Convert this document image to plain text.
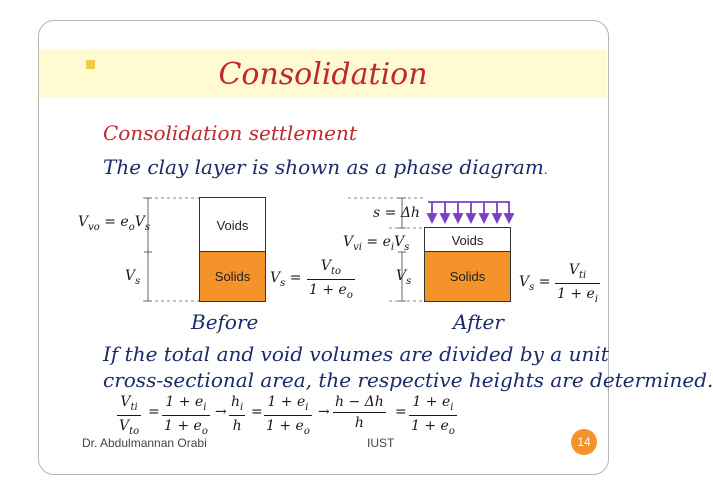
Consolidation
Consolidation settlement
The clay layer is shown as a phase diagram.
Voids
Solids
$V_{vo} = e_oV_s$
$V_s$	$V_s$ =
$V_{to}$
$1 + e_o$
Before
Voids
Solids
s = Δh
$V_{vi} = e_iV_s$
$V_s$	$V_s$ =
$V_{ti}$
$1 + e_i$
After
If the total and void volumes are divided by a unit
cross-sectional area, the respective heights are determined.
$V_{ti}$
$V_{to}$
= $\frac{1 + e_i}{1 + e_o} \to \frac{h_i}{h} = \frac{1 + e_i}{1 + e_o} \to \frac{h - \Delta h}{h} = \frac{1 + e_i}{1 + e_o}$
Dr. Abdulmannan Orabi	IUST	14
